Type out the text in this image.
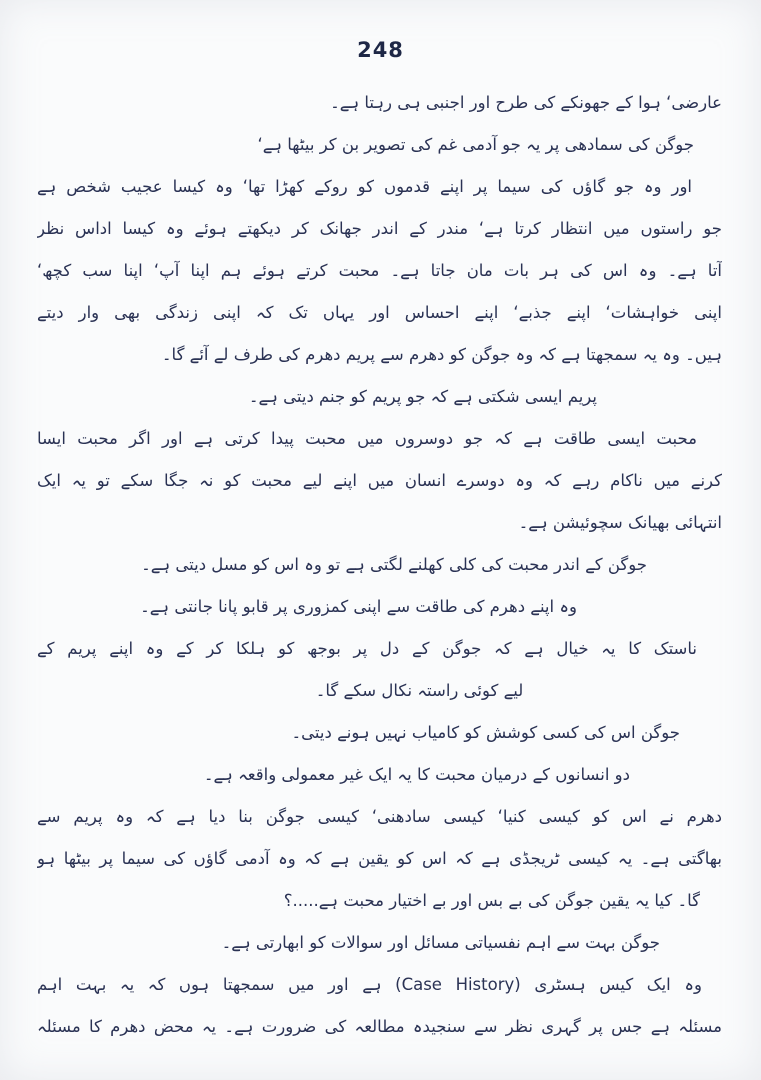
248
عارضی‘ ہوا کے جھونکے کی طرح اور اجنبی ہی رہتا ہے۔
جوگن کی سمادھی پر یہ جو آدمی غم کی تصویر بن کر بیٹھا ہے‘
اور وہ جو گاؤں کی سیما پر اپنے قدموں کو روکے کھڑا تھا‘ وہ کیسا عجیب شخص ہے
جو راستوں میں انتظار کرتا ہے‘ مندر کے اندر جھانک کر دیکھتے ہوئے وہ کیسا اداس نظر
آتا ہے۔ وہ اس کی ہر بات مان جاتا ہے۔ محبت کرتے ہوئے ہم اپنا آپ‘ اپنا سب کچھ‘
اپنی خواہشات‘ اپنے جذبے‘ اپنے احساس اور یہاں تک کہ اپنی زندگی بھی وار دیتے
ہیں۔ وہ یہ سمجھتا ہے کہ وہ جوگن کو دھرم سے پریم دھرم کی طرف لے آئے گا۔
پریم ایسی شکتی ہے کہ جو پریم کو جنم دیتی ہے۔
محبت ایسی طاقت ہے کہ جو دوسروں میں محبت پیدا کرتی ہے اور اگر محبت ایسا
کرنے میں ناکام رہے کہ وہ دوسرے انسان میں اپنے لیے محبت کو نہ جگا سکے تو یہ ایک
انتہائی بھیانک سچوئیشن ہے۔
جوگن کے اندر محبت کی کلی کھلنے لگتی ہے تو وہ اس کو مسل دیتی ہے۔
وہ اپنے دھرم کی طاقت سے اپنی کمزوری پر قابو پانا جانتی ہے۔
ناستک کا یہ خیال ہے کہ جوگن کے دل پر بوجھ کو ہلکا کر کے وہ اپنے پریم کے
لیے کوئی راستہ نکال سکے گا۔
جوگن اس کی کسی کوشش کو کامیاب نہیں ہونے دیتی۔
دو انسانوں کے درمیان محبت کا یہ ایک غیر معمولی واقعہ ہے۔
دھرم نے اس کو کیسی کنیا‘ کیسی سادھنی‘ کیسی جوگن بنا دیا ہے کہ وہ پریم سے
بھاگتی ہے۔ یہ کیسی ٹریجڈی ہے کہ اس کو یقین ہے کہ وہ آدمی گاؤں کی سیما پر بیٹھا ہو
گا۔ کیا یہ یقین جوگن کی بے بس اور بے اختیار محبت ہے.....؟
جوگن بہت سے اہم نفسیاتی مسائل اور سوالات کو ابھارتی ہے۔
وہ ایک کیس ہسٹری (Case History) ہے اور میں سمجھتا ہوں کہ یہ بہت اہم
مسئلہ ہے جس پر گہری نظر سے سنجیدہ مطالعہ کی ضرورت ہے۔ یہ محض دھرم کا مسئلہ
